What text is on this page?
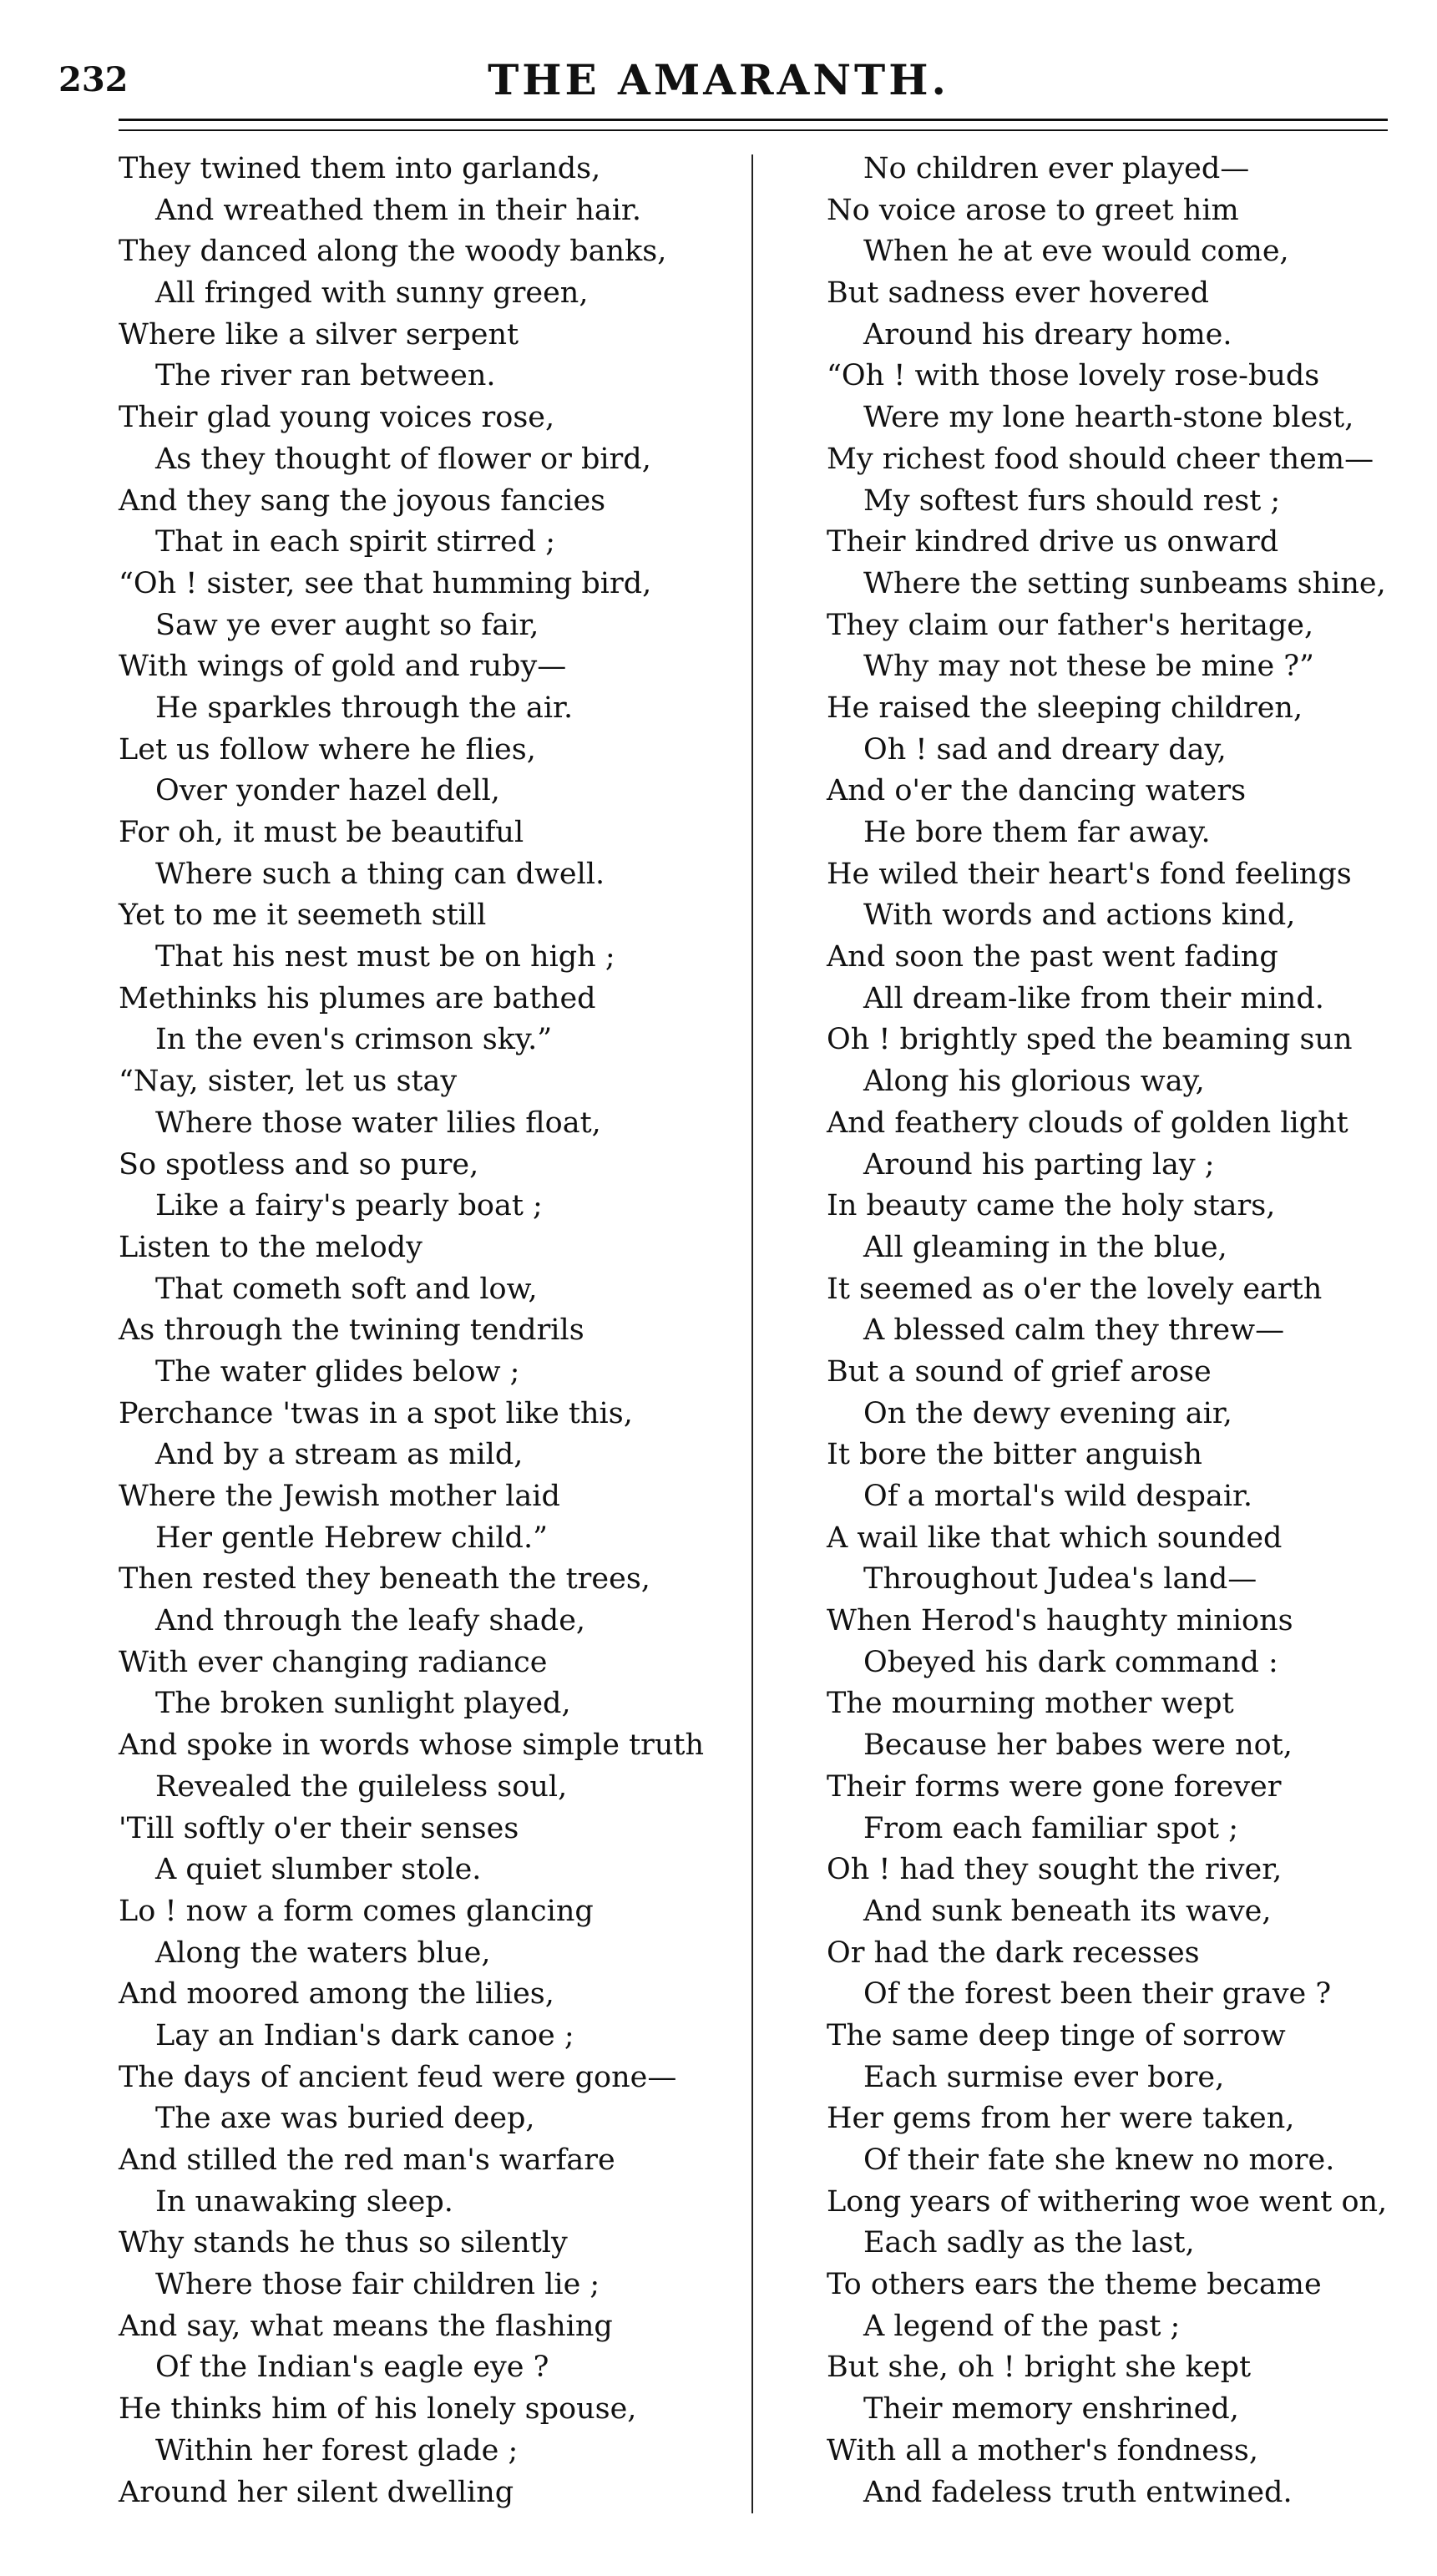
232	THE AMARANTH.
They twined them into garlands,
And wreathed them in their hair.
They danced along the woody banks,
All fringed with sunny green,
Where like a silver serpent
The river ran between.
Their glad young voices rose,
As they thought of flower or bird,
And they sang the joyous fancies
That in each spirit stirred ;
“Oh ! sister, see that humming bird,
Saw ye ever aught so fair,
With wings of gold and ruby—
He sparkles through the air.
Let us follow where he flies,
Over yonder hazel dell,
For oh, it must be beautiful
Where such a thing can dwell.
Yet to me it seemeth still
That his nest must be on high ;
Methinks his plumes are bathed
In the even's crimson sky.”
“Nay, sister, let us stay
Where those water lilies float,
So spotless and so pure,
Like a fairy's pearly boat ;
Listen to the melody
That cometh soft and low,
As through the twining tendrils
The water glides below ;
Perchance 'twas in a spot like this,
And by a stream as mild,
Where the Jewish mother laid
Her gentle Hebrew child.”
Then rested they beneath the trees,
And through the leafy shade,
With ever changing radiance
The broken sunlight played,
And spoke in words whose simple truth
Revealed the guileless soul,
'Till softly o'er their senses
A quiet slumber stole.
Lo ! now a form comes glancing
Along the waters blue,
And moored among the lilies,
Lay an Indian's dark canoe ;
The days of ancient feud were gone—
The axe was buried deep,
And stilled the red man's warfare
In unawaking sleep.
Why stands he thus so silently
Where those fair children lie ;
And say, what means the flashing
Of the Indian's eagle eye ?
He thinks him of his lonely spouse,
Within her forest glade ;
Around her silent dwelling
No children ever played—
No voice arose to greet him
When he at eve would come,
But sadness ever hovered
Around his dreary home.
“Oh ! with those lovely rose-buds
Were my lone hearth-stone blest,
My richest food should cheer them—
My softest furs should rest ;
Their kindred drive us onward
Where the setting sunbeams shine,
They claim our father's heritage,
Why may not these be mine ?”
He raised the sleeping children,
Oh ! sad and dreary day,
And o'er the dancing waters
He bore them far away.
He wiled their heart's fond feelings
With words and actions kind,
And soon the past went fading
All dream-like from their mind.
Oh ! brightly sped the beaming sun
Along his glorious way,
And feathery clouds of golden light
Around his parting lay ;
In beauty came the holy stars,
All gleaming in the blue,
It seemed as o'er the lovely earth
A blessed calm they threw—
But a sound of grief arose
On the dewy evening air,
It bore the bitter anguish
Of a mortal's wild despair.
A wail like that which sounded
Throughout Judea's land—
When Herod's haughty minions
Obeyed his dark command :
The mourning mother wept
Because her babes were not,
Their forms were gone forever
From each familiar spot ;
Oh ! had they sought the river,
And sunk beneath its wave,
Or had the dark recesses
Of the forest been their grave ?
The same deep tinge of sorrow
Each surmise ever bore,
Her gems from her were taken,
Of their fate she knew no more.
Long years of withering woe went on,
Each sadly as the last,
To others ears the theme became
A legend of the past ;
But she, oh ! bright she kept
Their memory enshrined,
With all a mother's fondness,
And fadeless truth entwined.
